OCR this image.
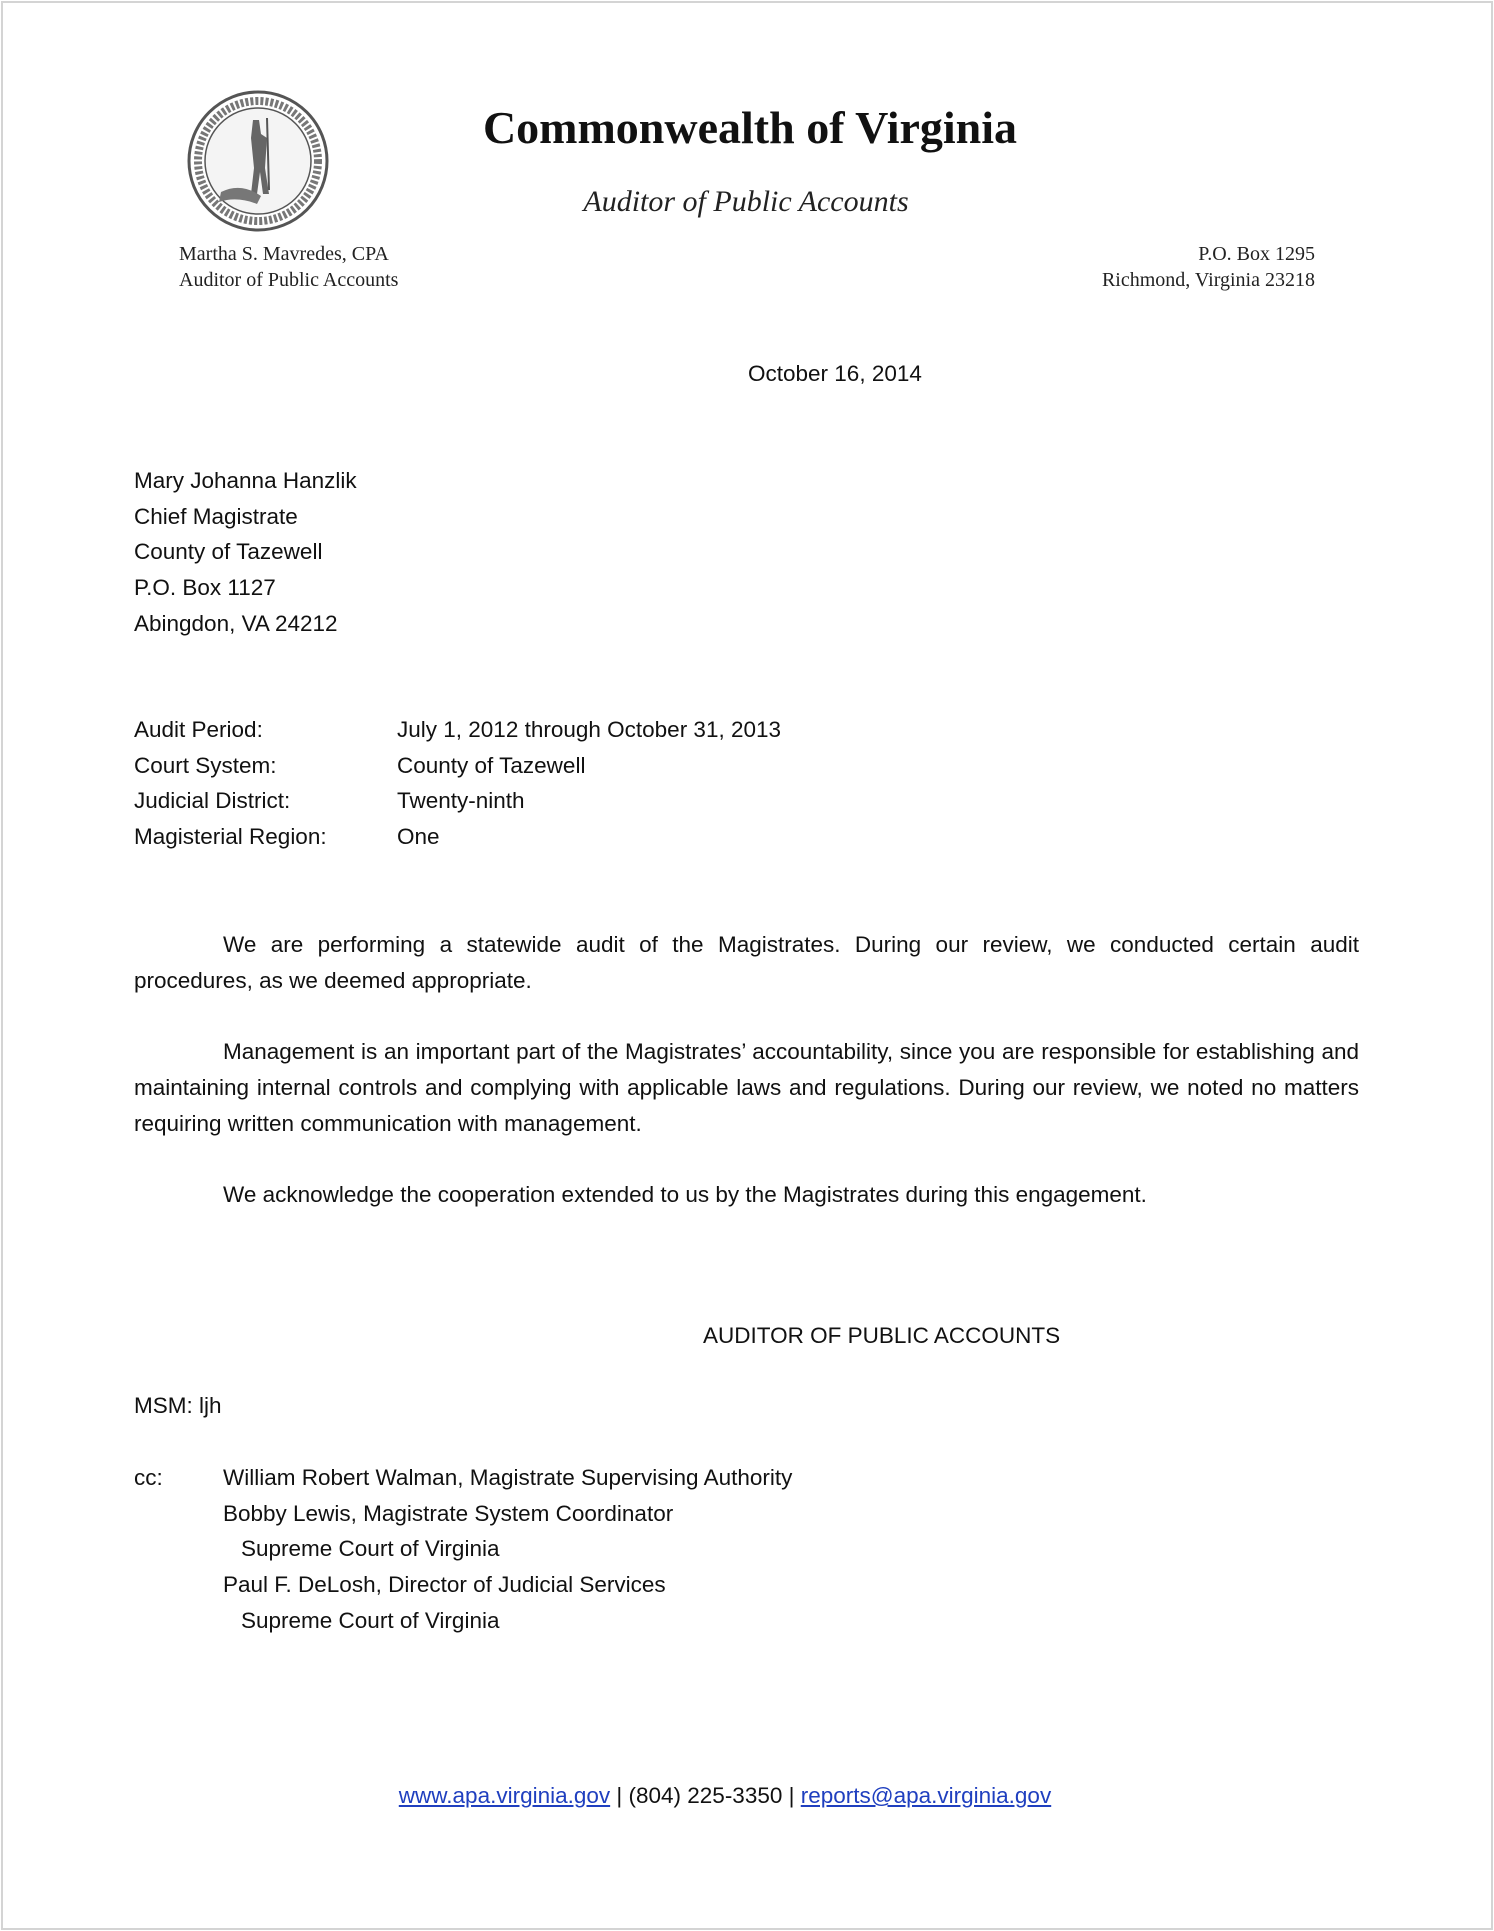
Commonwealth of Virginia
Auditor of Public Accounts
Martha S. Mavredes, CPA
Auditor of Public Accounts
P.O. Box 1295
Richmond, Virginia 23218
October 16, 2014
Mary Johanna Hanzlik
Chief Magistrate
County of Tazewell
P.O. Box 1127
Abingdon, VA 24212
Audit Period:	July 1, 2012 through October 31, 2013
Court System:	County of Tazewell
Judicial District:	Twenty-ninth
Magisterial Region:	One

We are performing a statewide audit of the Magistrates. During our review, we conducted certain audit procedures, as we deemed appropriate.

Management is an important part of the Magistrates’ accountability, since you are responsible for establishing and maintaining internal controls and complying with applicable laws and regulations. During our review, we noted no matters requiring written communication with management.

We acknowledge the cooperation extended to us by the Magistrates during this engagement.

AUDITOR OF PUBLIC ACCOUNTS
MSM: ljh
cc:	William Robert Walman, Magistrate Supervising Authority
Bobby Lewis, Magistrate System Coordinator
Supreme Court of Virginia
Paul F. DeLosh, Director of Judicial Services
Supreme Court of Virginia
www.apa.virginia.gov | (804) 225-3350 | reports@apa.virginia.gov
